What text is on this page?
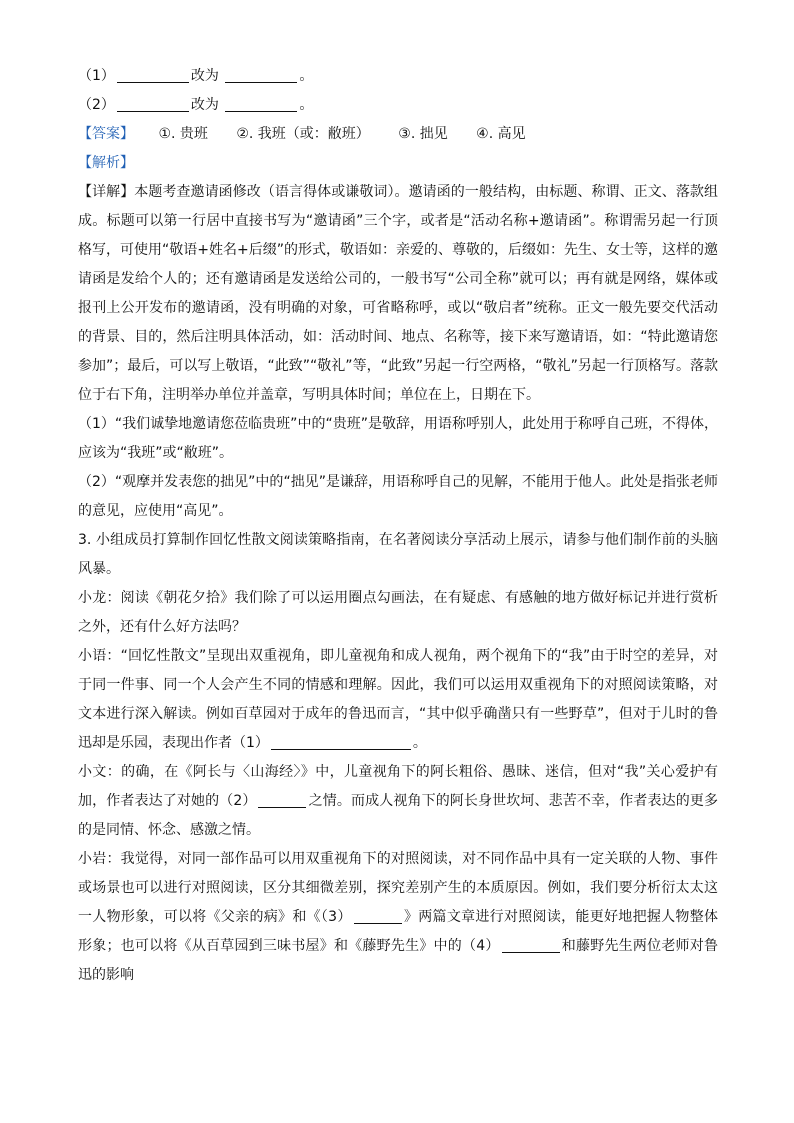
（1）	改为	。
（2）	改为	。
【答案】 ①. 贵班 ②. 我班（或：敝班） ③. 拙见 ④. 高见
【解析】
【详解】本题考查邀请函修改（语言得体或谦敬词）。邀请函的一般结构，由标题、称谓、正文、落款组成。标题可以第一行居中直接书写为“邀请函”三个字，或者是“活动名称+邀请函”。称谓需另起一行顶格写，可使用“敬语+姓名+后缀”的形式，敬语如：亲爱的、尊敬的，后缀如：先生、女士等，这样的邀请函是发给个人的；还有邀请函是发送给公司的，一般书写“公司全称”就可以；再有就是网络，媒体或报刊上公开发布的邀请函，没有明确的对象，可省略称呼，或以“敬启者”统称。正文一般先要交代活动的背景、目的，然后注明具体活动，如：活动时间、地点、名称等，接下来写邀请语，如：“特此邀请您参加”；最后，可以写上敬语，“此致”“敬礼”等，“此致”另起一行空两格，“敬礼”另起一行顶格写。落款位于右下角，注明举办单位并盖章，写明具体时间；单位在上，日期在下。
（1）“我们诚挚地邀请您莅临贵班”中的“贵班”是敬辞，用语称呼别人，此处用于称呼自己班，不得体，应该为“我班”或“敝班”。
（2）“观摩并发表您的拙见”中的“拙见”是谦辞，用语称呼自己的见解，不能用于他人。此处是指张老师的意见，应使用“高见”。
3. 小组成员打算制作回忆性散文阅读策略指南，在名著阅读分享活动上展示，请参与他们制作前的头脑风暴。
小龙：阅读《朝花夕拾》我们除了可以运用圈点勾画法，在有疑虑、有感触的地方做好标记并进行赏析之外，还有什么好方法吗？
小语：“回忆性散文”呈现出双重视角，即儿童视角和成人视角，两个视角下的“我”由于时空的差异，对于同一件事、同一个人会产生不同的情感和理解。因此，我们可以运用双重视角下的对照阅读策略，对文本进行深入解读。例如百草园对于成年的鲁迅而言，“其中似乎确凿只有一些野草”，但对于儿时的鲁迅却是乐园，表现出作者（1）	。
小文：的确，在《阿长与〈山海经〉》中，儿童视角下的阿长粗俗、愚昧、迷信，但对“我”关心爱护有加，作者表达了对她的（2）	之情。而成人视角下的阿长身世坎坷、悲苦不幸，作者表达的更多的是同情、怀念、感激之情。
小岩：我觉得，对同一部作品可以用双重视角下的对照阅读，对不同作品中具有一定关联的人物、事件或场景也可以进行对照阅读，区分其细微差别，探究差别产生的本质原因。例如，我们要分析衍太太这一人物形象，可以将《父亲的病》和《（3）	》两篇文章进行对照阅读，能更好地把握人物整体形象；也可以将《从百草园到三味书屋》和《藤野先生》中的（4）	和藤野先生两位老师对鲁迅的影响
